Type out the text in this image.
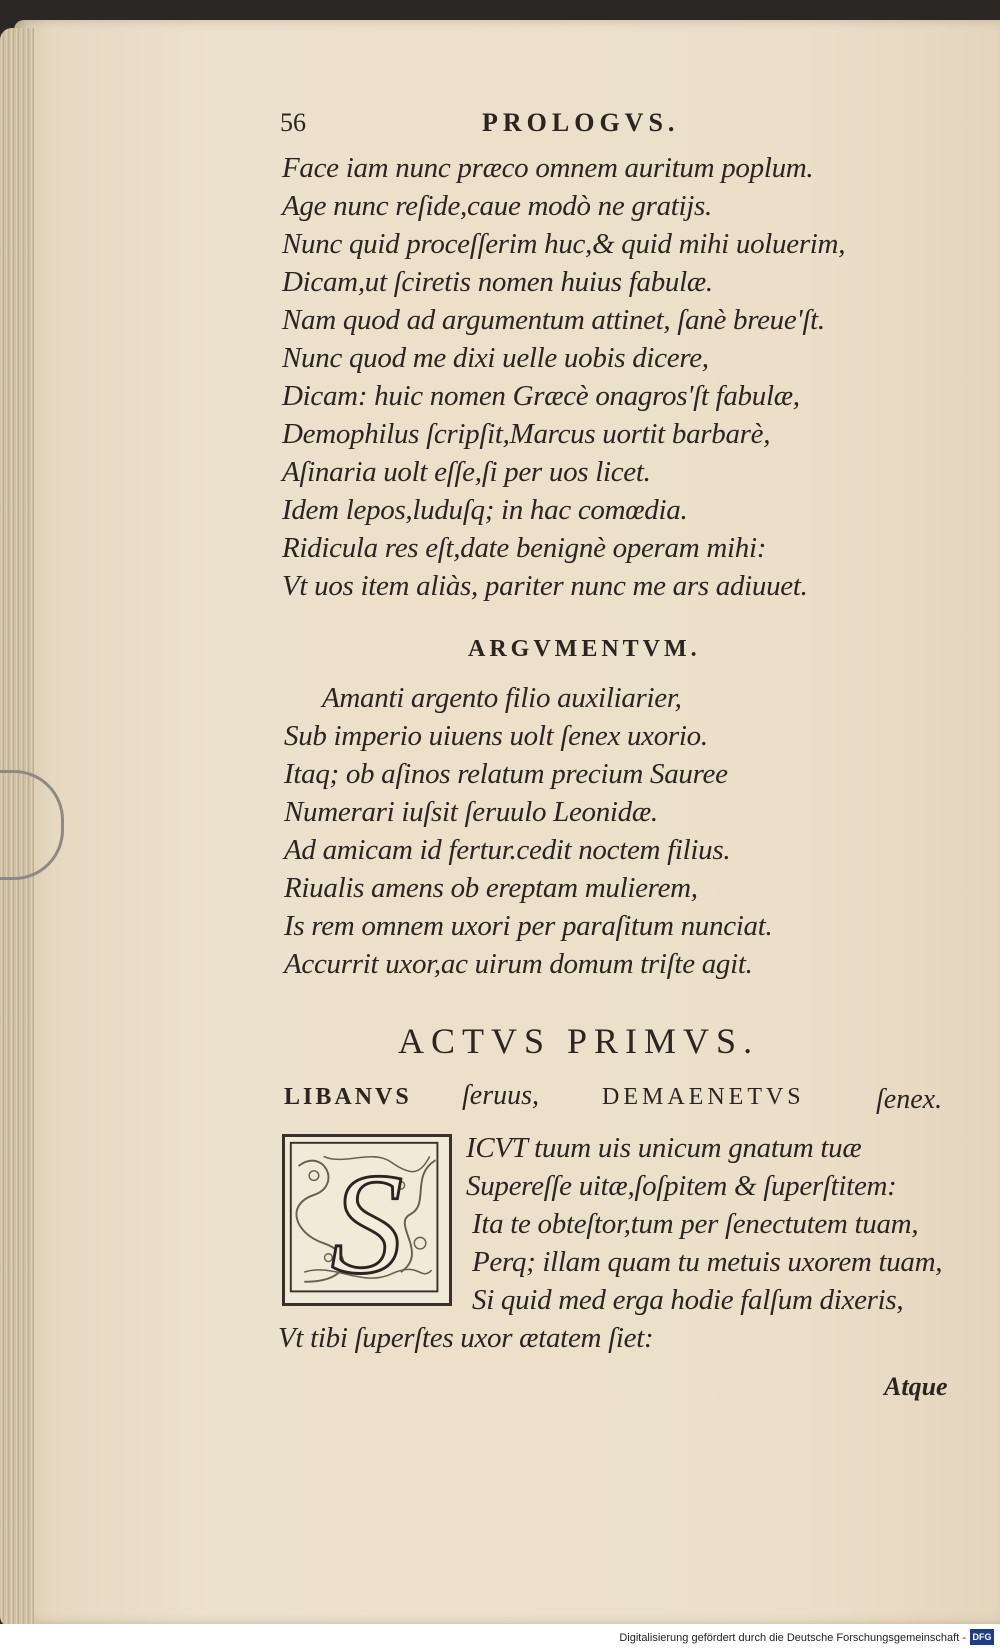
56	PROLOGVS.
Face iam nunc præco omnem auritum poplum.
Age nunc reſide,caue modò ne gratijs.
Nunc quid proceſſerim huc,& quid mihi uoluerim,
Dicam,ut ſciretis nomen huius fabulæ.
Nam quod ad argumentum attinet, ſanè breue'ſt.
Nunc quod me dixi uelle uobis dicere,
Dicam: huic nomen Græcè onagros'ſt fabulæ,
Demophilus ſcripſit,Marcus uortit barbarè,
Aſinaria uolt eſſe,ſi per uos licet.
Idem lepos,luduſq; in hac comœdia.
Ridicula res eſt,date benignè operam mihi:
Vt uos item aliàs, pariter nunc me ars adiuuet.
ARGVMENTVM.
Amanti argento filio auxiliarier,
Sub imperio uiuens uolt ſenex uxorio.
Itaq; ob aſinos relatum precium Sauree
Numerari iuſsit ſeruulo Leonidæ.
Ad amicam id fertur.cedit noctem filius.
Riualis amens ob ereptam mulierem,
Is rem omnem uxori per paraſitum nunciat.
Accurrit uxor,ac uirum domum triſte agit.
ACTVS PRIMVS.
LIBANVS ſeruus,	DEMAENETVS	ſenex.
S ICVT tuum uis unicum gnatum tuæ
Supereſſe uitæ,ſoſpitem & ſuperſtitem:
Ita te obteſtor,tum per ſenectutem tuam,
Perq; illam quam tu metuis uxorem tuam,
Si quid med erga hodie falſum dixeris,
Vt tibi ſuperſtes uxor ætatem ſiet:
Atque
Digitalisierung gefördert durch die Deutsche Forschungsgemeinschaft - DFG
